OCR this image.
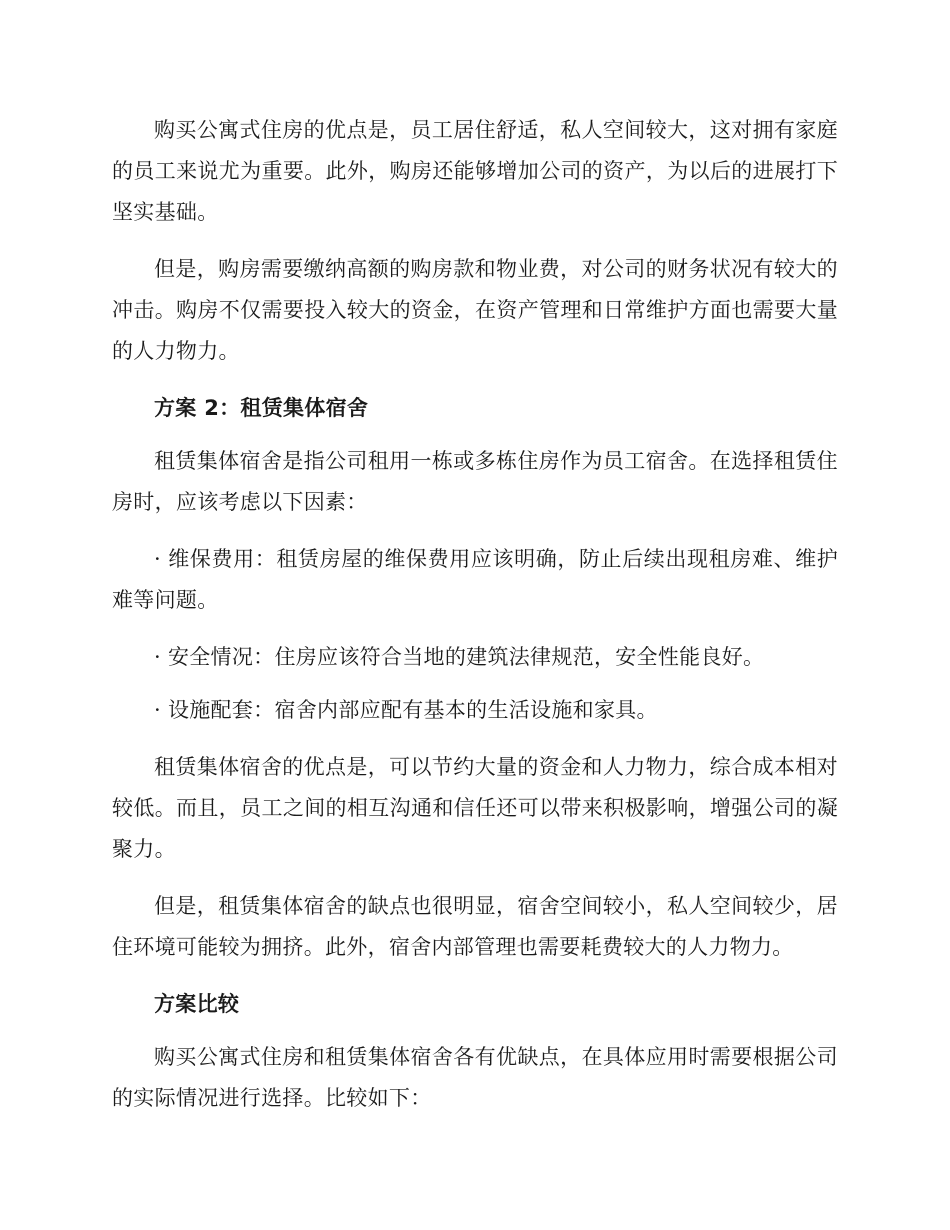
购买公寓式住房的优点是，员工居住舒适，私人空间较大，这对拥有家庭的员工来说尤为重要。此外，购房还能够增加公司的资产，为以后的进展打下坚实基础。

但是，购房需要缴纳高额的购房款和物业费，对公司的财务状况有较大的冲击。购房不仅需要投入较大的资金，在资产管理和日常维护方面也需要大量的人力物力。

方案 2：租赁集体宿舍

租赁集体宿舍是指公司租用一栋或多栋住房作为员工宿舍。在选择租赁住房时，应该考虑以下因素：

· 维保费用：租赁房屋的维保费用应该明确，防止后续出现租房难、维护难等问题。

· 安全情况：住房应该符合当地的建筑法律规范，安全性能良好。

· 设施配套：宿舍内部应配有基本的生活设施和家具。

租赁集体宿舍的优点是，可以节约大量的资金和人力物力，综合成本相对较低。而且，员工之间的相互沟通和信任还可以带来积极影响，增强公司的凝聚力。

但是，租赁集体宿舍的缺点也很明显，宿舍空间较小，私人空间较少，居住环境可能较为拥挤。此外，宿舍内部管理也需要耗费较大的人力物力。

方案比较

购买公寓式住房和租赁集体宿舍各有优缺点，在具体应用时需要根据公司的实际情况进行选择。比较如下：
